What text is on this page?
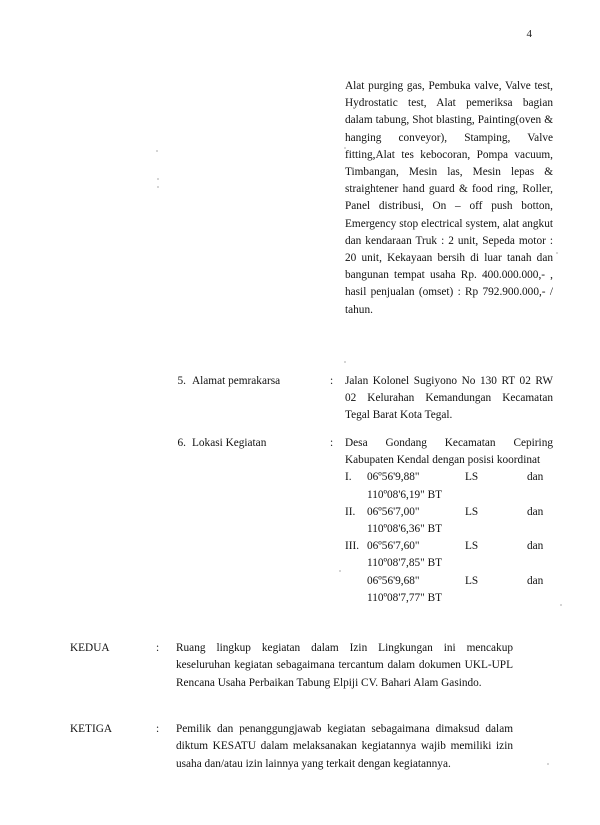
4
Alat purging gas, Pembuka valve, Valve test, Hydrostatic test, Alat pemeriksa bagian dalam tabung, Shot blasting, Painting(oven & hanging conveyor), Stamping, Valve fitting,Alat tes kebocoran, Pompa vacuum, Timbangan, Mesin las, Mesin lepas & straightener hand guard & food ring, Roller, Panel distribusi, On – off push botton, Emergency stop electrical system, alat angkut dan kendaraan Truk : 2 unit, Sepeda motor : 20 unit, Kekayaan bersih di luar tanah dan bangunan tempat usaha Rp. 400.000.000,- , hasil penjualan (omset) : Rp 792.900.000,- / tahun.
5. Alamat pemrakarsa	: Jalan Kolonel Sugiyono No 130 RT 02 RW 02 Kelurahan Kemandungan Kecamatan Tegal Barat Kota Tegal.
6. Lokasi Kegiatan	: Desa Gondang Kecamatan Cepiring Kabupaten Kendal dengan posisi koordinat
I. 06º56'9,88"	LS	dan
110º08'6,19" BT
II. 06º56'7,00"	LS	dan
110º08'6,36" BT
III. 06º56'7,60"	LS	dan
110º08'7,85" BT
06º56'9,68"	LS	dan
110º08'7,77" BT
KEDUA	:	Ruang lingkup kegiatan dalam Izin Lingkungan ini mencakup keseluruhan kegiatan sebagaimana tercantum dalam dokumen UKL-UPL Rencana Usaha Perbaikan Tabung Elpiji CV. Bahari Alam Gasindo.
KETIGA	:	Pemilik dan penanggungjawab kegiatan sebagaimana dimaksud dalam diktum KESATU dalam melaksanakan kegiatannya wajib memiliki izin usaha dan/atau izin lainnya yang terkait dengan kegiatannya.
